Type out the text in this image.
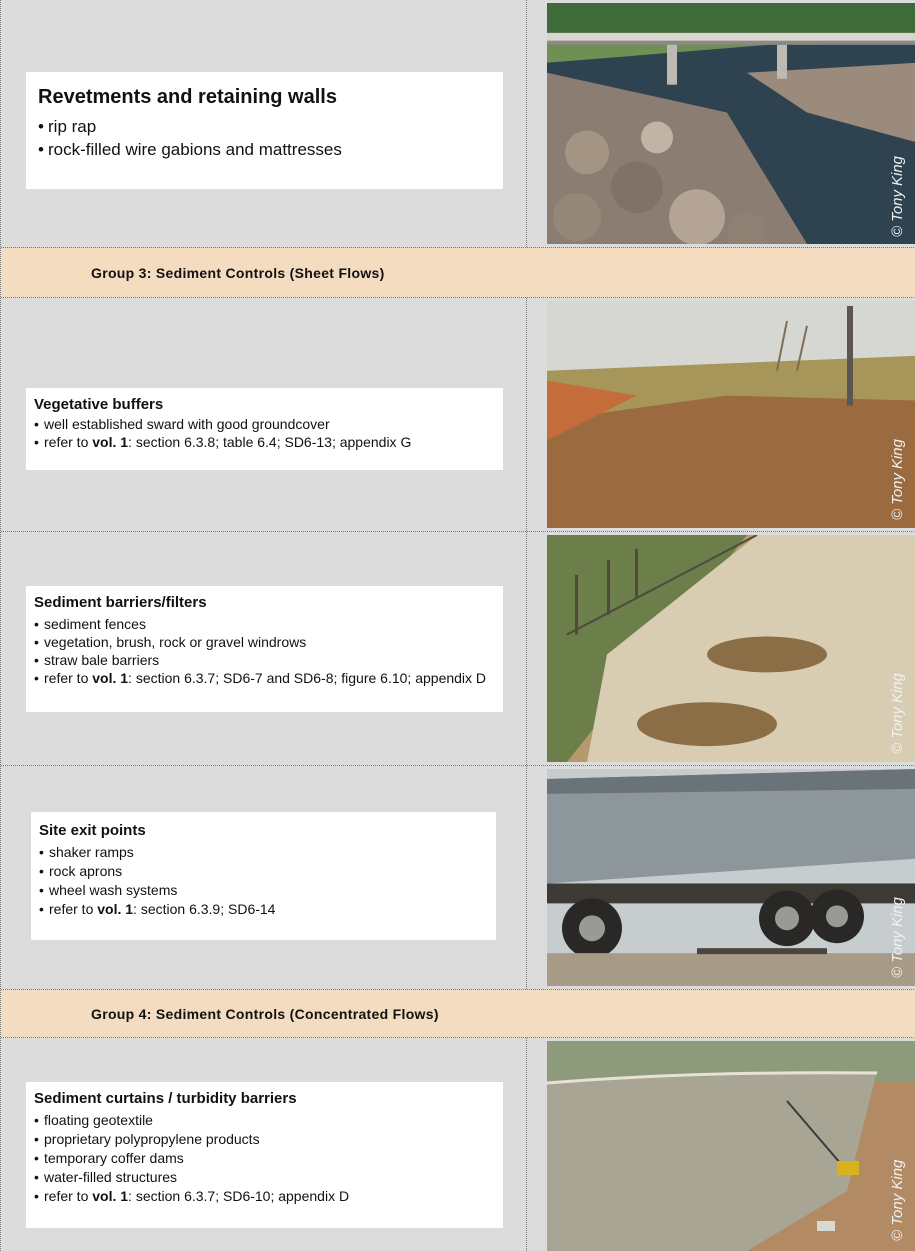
Revetments and retaining walls
• rip rap
• rock-filled wire gabions and mattresses
© Tony King
Group 3: Sediment Controls (Sheet Flows)
Vegetative buffers
• well established sward with good groundcover
• refer to vol. 1: section 6.3.8; table 6.4; SD6-13; appendix G	© Tony King
Sediment barriers/filters
• sediment fences
• vegetation, brush, rock or gravel windrows
• straw bale barriers
• refer to vol. 1: section 6.3.7; SD6-7 and SD6-8; figure 6.10; appendix D	© Tony King
Site exit points
• shaker ramps
• rock aprons
• wheel wash systems
• refer to vol. 1: section 6.3.9; SD6-14	© Tony King
Group 4: Sediment Controls (Concentrated Flows)
Sediment curtains / turbidity barriers
• floating geotextile
• proprietary polypropylene products
• temporary coffer dams
• water-filled structures
• refer to vol. 1: section 6.3.7; SD6-10; appendix D	© Tony King
